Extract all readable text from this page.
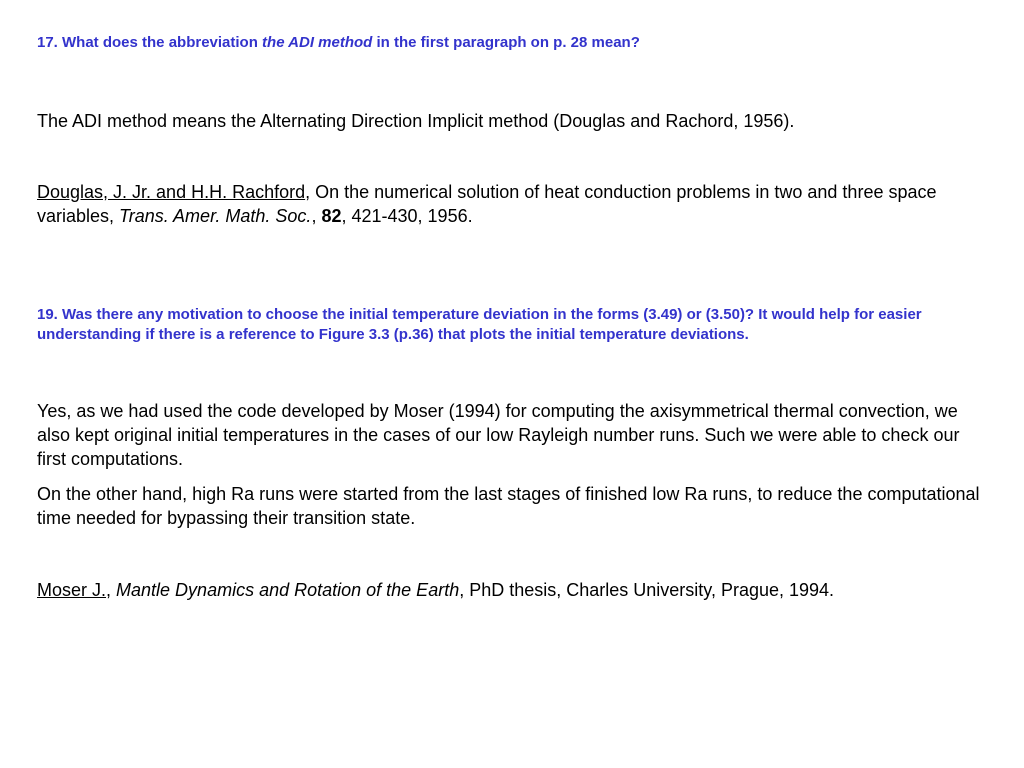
17. What does the abbreviation the ADI method in the first paragraph on p. 28 mean?

The ADI method means the Alternating Direction Implicit method (Douglas and Rachord, 1956).

Douglas, J. Jr. and H.H. Rachford, On the numerical solution of heat conduction problems in two and three space variables, Trans. Amer. Math. Soc., 82, 421-430, 1956.

19. Was there any motivation to choose the initial temperature deviation in the forms (3.49) or (3.50)? It would help for easier understanding if there is a reference to Figure 3.3 (p.36) that plots the initial temperature deviations.

Yes, as we had used the code developed by Moser (1994) for computing the axisymmetrical thermal convection, we also kept original initial temperatures in the cases of our low Rayleigh number runs. Such we were able to check our first computations.

On the other hand, high Ra runs were started from the last stages of finished low Ra runs, to reduce the computational time needed for bypassing their transition state.

Moser J., Mantle Dynamics and Rotation of the Earth, PhD thesis, Charles University, Prague, 1994.
